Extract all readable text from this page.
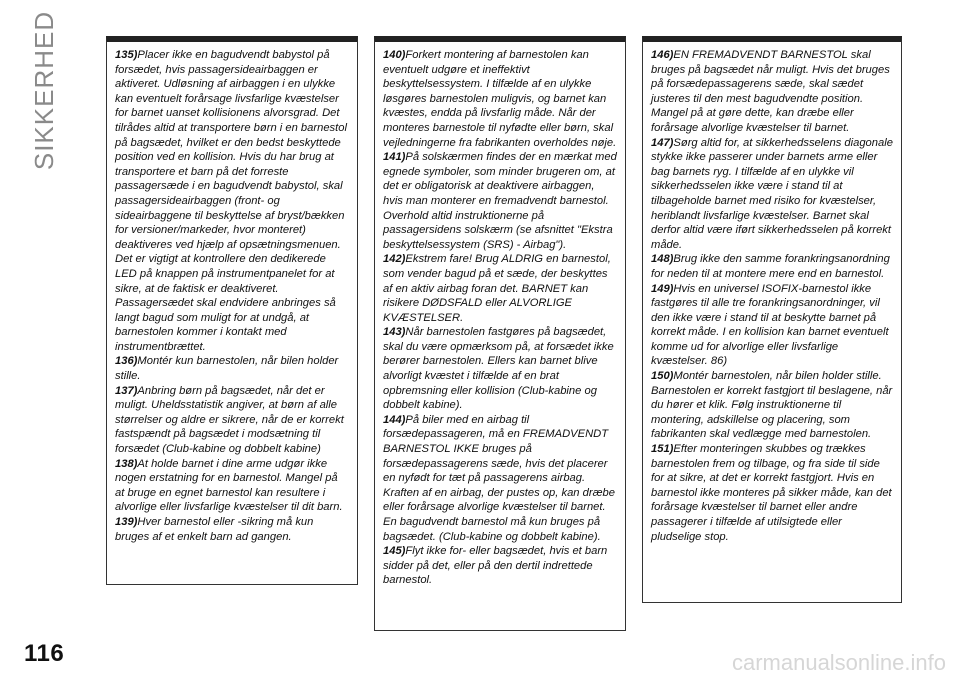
SIKKERHED	135)Placer ikke en bagudvendt babystol på forsædet, hvis passagersideairbaggen er aktiveret. Udløsning af airbaggen i en ulykke kan eventuelt forårsage livsfarlige kvæstelser for barnet uanset kollisionens alvorsgrad. Det tilrådes altid at transportere børn i en barnestol på bagsædet, hvilket er den bedst beskyttede position ved en kollision. Hvis du har brug at transportere et barn på det forreste passagersæde i en bagudvendt babystol, skal passagersideairbaggen (front- og sideairbaggene til beskyttelse af bryst/bækken for versioner/markeder, hvor monteret) deaktiveres ved hjælp af opsætningsmenuen. Det er vigtigt at kontrollere den dedikerede LED på knappen på instrumentpanelet for at sikre, at de faktisk er deaktiveret. Passagersædet skal endvidere anbringes så langt bagud som muligt for at undgå, at barnestolen kommer i kontakt med instrumentbrættet.

136)Montér kun barnestolen, når bilen holder stille.

137)Anbring børn på bagsædet, når det er muligt. Uheldsstatistik angiver, at børn af alle størrelser og aldre er sikrere, når de er korrekt fastspændt på bagsædet i modsætning til forsædet (Club-kabine og dobbelt kabine)

138)At holde barnet i dine arme udgør ikke nogen erstatning for en barnestol. Mangel på at bruge en egnet barnestol kan resultere i alvorlige eller livsfarlige kvæstelser til dit barn.

139)Hver barnestol eller -sikring må kun bruges af et enkelt barn ad gangen.

140)Forkert montering af barnestolen kan eventuelt udgøre et ineffektivt beskyttelsessystem. I tilfælde af en ulykke løsgøres barnestolen muligvis, og barnet kan kvæstes, endda på livsfarlig måde. Når der monteres barnestole til nyfødte eller børn, skal vejledningerne fra fabrikanten overholdes nøje.

141)På solskærmen findes der en mærkat med egnede symboler, som minder brugeren om, at det er obligatorisk at deaktivere airbaggen, hvis man monterer en fremadvendt barnestol. Overhold altid instruktionerne på passagersidens solskærm (se afsnittet "Ekstra beskyttelsessystem (SRS) - Airbag").

142)Ekstrem fare! Brug ALDRIG en barnestol, som vender bagud på et sæde, der beskyttes af en aktiv airbag foran det. BARNET kan risikere DØDSFALD eller ALVORLIGE KVÆSTELSER.

143)Når barnestolen fastgøres på bagsædet, skal du være opmærksom på, at forsædet ikke berører barnestolen. Ellers kan barnet blive alvorligt kvæstet i tilfælde af en brat opbremsning eller kollision (Club-kabine og dobbelt kabine).

144)På biler med en airbag til forsædepassageren, må en FREMADVENDT BARNESTOL IKKE bruges på forsædepassagerens sæde, hvis det placerer en nyfødt for tæt på passagerens airbag. Kraften af en airbag, der pustes op, kan dræbe eller forårsage alvorlige kvæstelser til barnet. En bagudvendt barnestol må kun bruges på bagsædet. (Club-kabine og dobbelt kabine).

145)Flyt ikke for- eller bagsædet, hvis et barn sidder på det, eller på den dertil indrettede barnestol.

146)EN FREMADVENDT BARNESTOL skal bruges på bagsædet når muligt. Hvis det bruges på forsædepassagerens sæde, skal sædet justeres til den mest bagudvendte position. Mangel på at gøre dette, kan dræbe eller forårsage alvorlige kvæstelser til barnet.

147)Sørg altid for, at sikkerhedsselens diagonale stykke ikke passerer under barnets arme eller bag barnets ryg. I tilfælde af en ulykke vil sikkerhedsselen ikke være i stand til at tilbageholde barnet med risiko for kvæstelser, heriblandt livsfarlige kvæstelser. Barnet skal derfor altid være iført sikkerhedsselen på korrekt måde.

148)Brug ikke den samme forankringsanordning for neden til at montere mere end en barnestol.

149)Hvis en universel ISOFIX-barnestol ikke fastgøres til alle tre forankringsanordninger, vil den ikke være i stand til at beskytte barnet på korrekt måde. I en kollision kan barnet eventuelt komme ud for alvorlige eller livsfarlige kvæstelser. 86)

150)Montér barnestolen, når bilen holder stille. Barnestolen er korrekt fastgjort til beslagene, når du hører et klik. Følg instruktionerne til montering, adskillelse og placering, som fabrikanten skal vedlægge med barnestolen.

151)Efter monteringen skubbes og trækkes barnestolen frem og tilbage, og fra side til side for at sikre, at det er korrekt fastgjort. Hvis en barnestol ikke monteres på sikker måde, kan det forårsage kvæstelser til barnet eller andre passagerer i tilfælde af utilsigtede eller pludselige stop.

116	carmanualsonline.info
